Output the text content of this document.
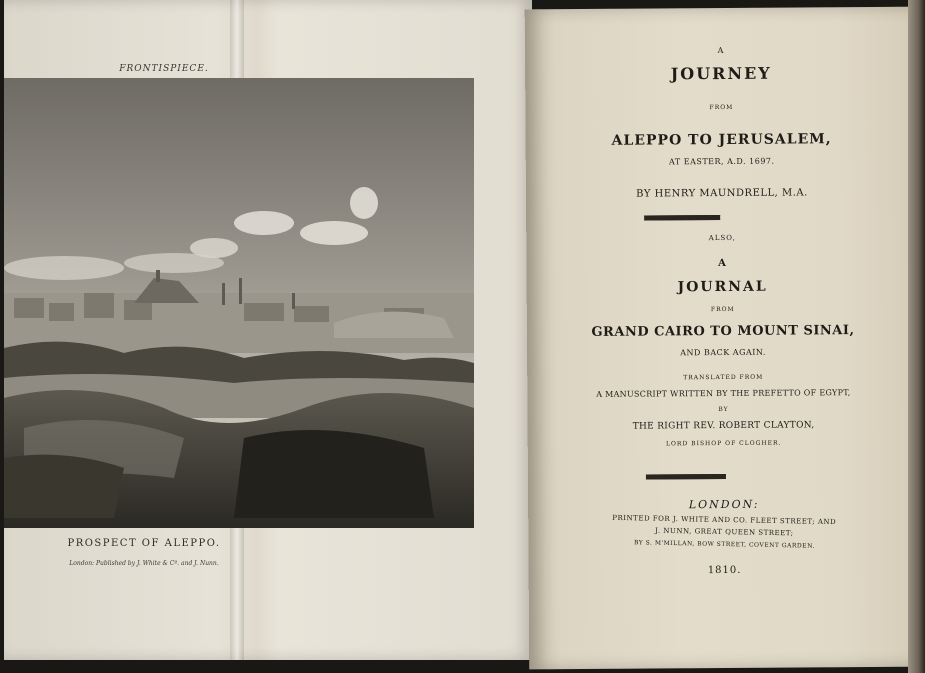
FRONTISPIECE.
PROSPECT OF ALEPPO.
London: Published by J. White & Cº. and J. Nunn.
A
JOURNEY
FROM
ALEPPO TO JERUSALEM,
AT EASTER, A.D. 1697.
BY HENRY MAUNDRELL, M.A.
ALSO,
A
JOURNAL
FROM
GRAND CAIRO TO MOUNT SINAI,
AND BACK AGAIN.
TRANSLATED FROM
A MANUSCRIPT WRITTEN BY THE PREFETTO OF EGYPT,
BY
THE RIGHT REV. ROBERT CLAYTON,
LORD BISHOP OF CLOGHER.
LONDON:
PRINTED FOR J. WHITE AND CO. FLEET STREET; AND
J. NUNN, GREAT QUEEN STREET;
BY S. M'MILLAN, BOW STREET, COVENT GARDEN.
1810.
